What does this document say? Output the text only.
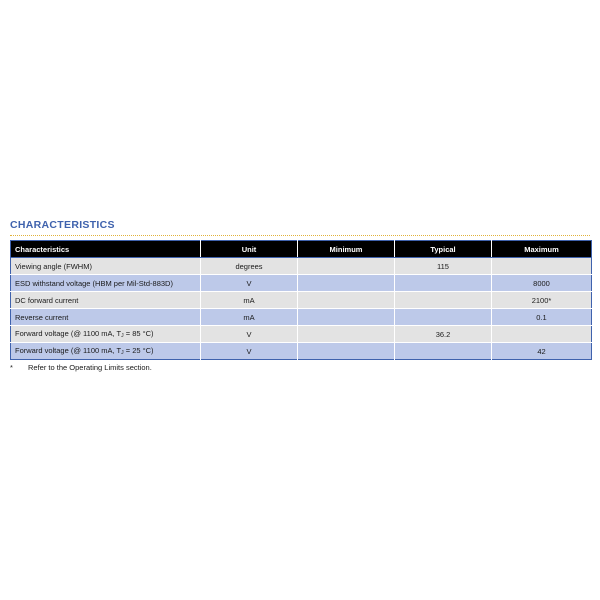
CHARACTERISTICS
Characteristics	Unit	Minimum	Typical	Maximum
Viewing angle (FWHM)	degrees		115	
ESD withstand voltage (HBM per Mil-Std-883D)	V			8000
DC forward current	mA			2100*
Reverse current	mA			0.1
Forward voltage (@ 1100 mA, $T_J = 85$ °C)	V		36.2	
Forward voltage (@ 1100 mA, $T_J = 25$ °C)	V			42
* Refer to the Operating Limits section.
